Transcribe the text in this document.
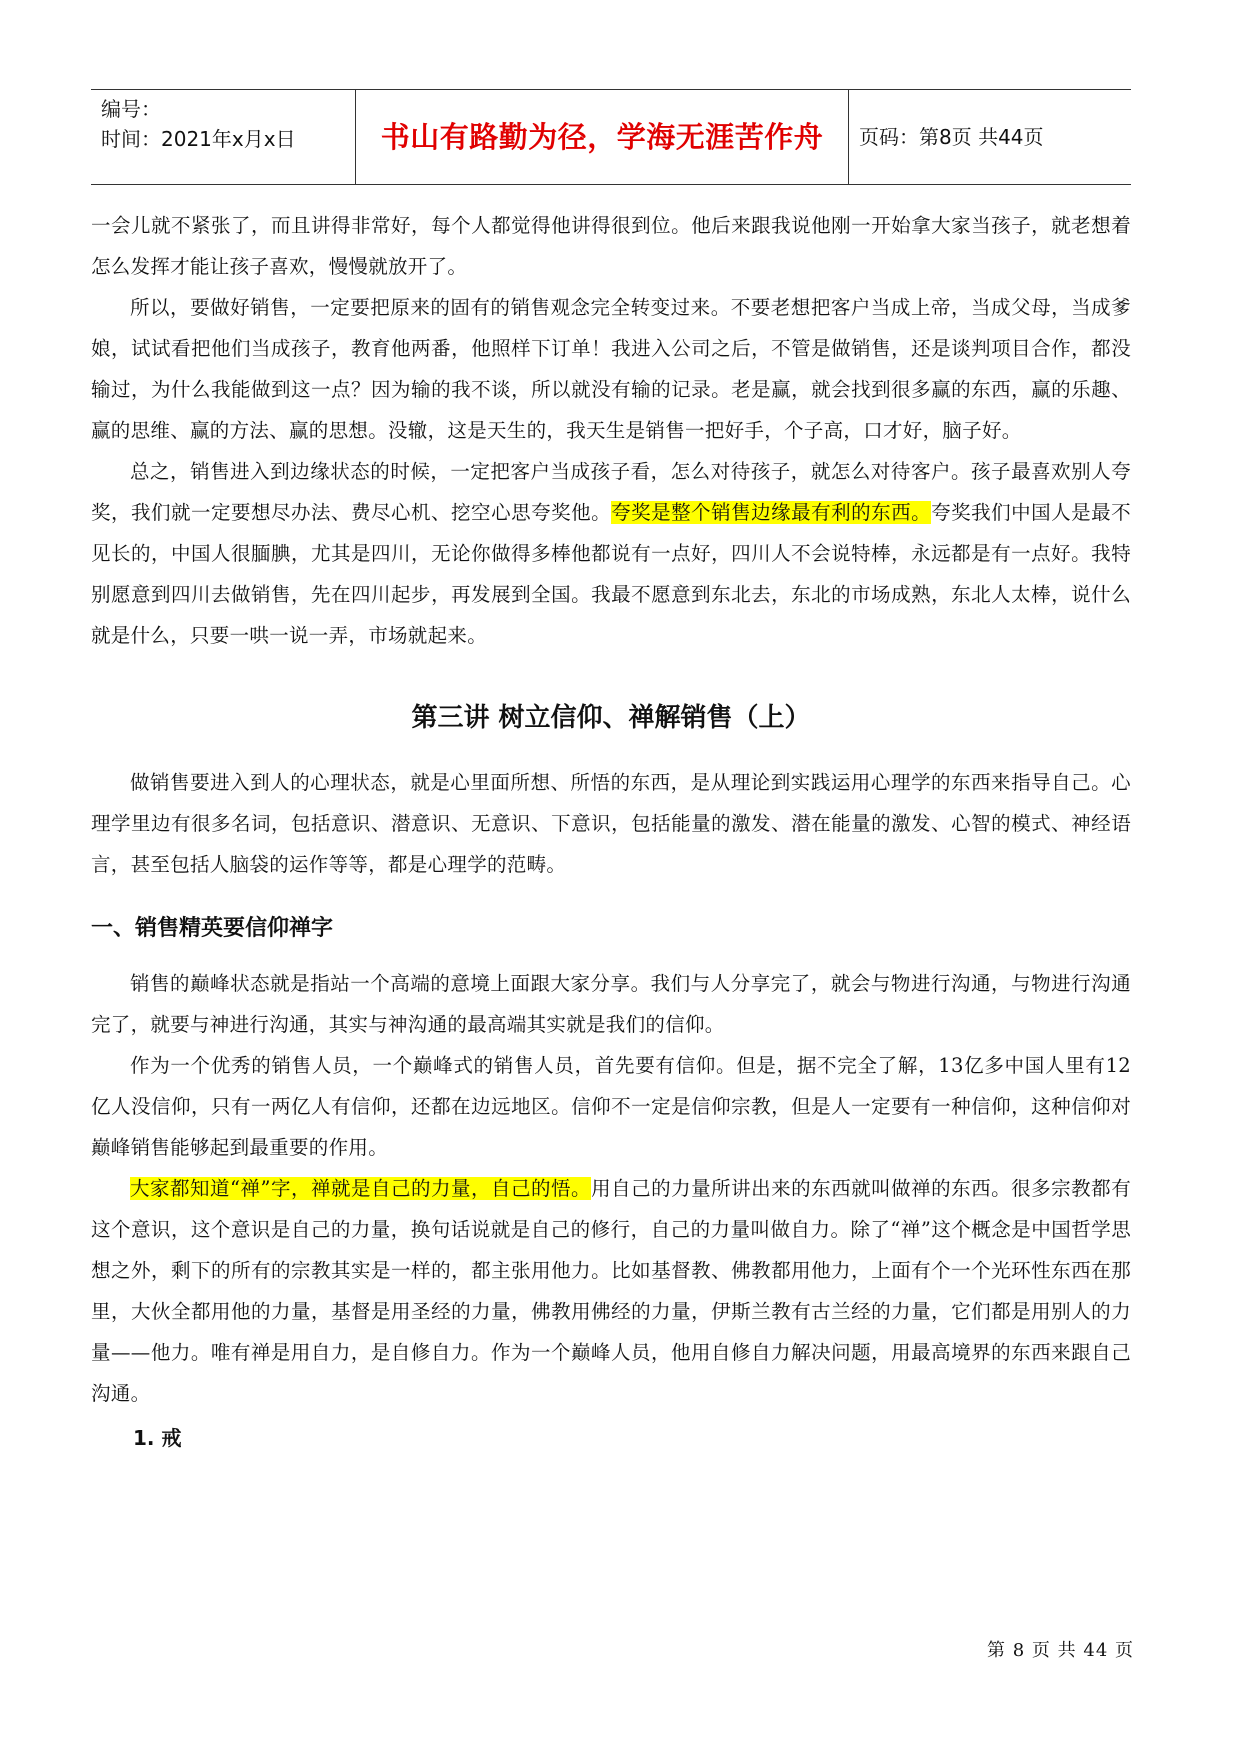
编号：
时间：2021年x月x日	书山有路勤为径，学海无涯苦作舟	页码：第8页 共44页

一会儿就不紧张了，而且讲得非常好，每个人都觉得他讲得很到位。他后来跟我说他刚一开始拿大家当孩子，就老想着怎么发挥才能让孩子喜欢，慢慢就放开了。

所以，要做好销售，一定要把原来的固有的销售观念完全转变过来。不要老想把客户当成上帝，当成父母，当成爹娘，试试看把他们当成孩子，教育他两番，他照样下订单！我进入公司之后，不管是做销售，还是谈判项目合作，都没输过，为什么我能做到这一点？因为输的我不谈，所以就没有输的记录。老是赢，就会找到很多赢的东西，赢的乐趣、赢的思维、赢的方法、赢的思想。没辙，这是天生的，我天生是销售一把好手，个子高，口才好，脑子好。

总之，销售进入到边缘状态的时候，一定把客户当成孩子看，怎么对待孩子，就怎么对待客户。孩子最喜欢别人夸奖，我们就一定要想尽办法、费尽心机、挖空心思夸奖他。夸奖是整个销售边缘最有利的东西。夸奖我们中国人是最不见长的，中国人很腼腆，尤其是四川，无论你做得多棒他都说有一点好，四川人不会说特棒，永远都是有一点好。我特别愿意到四川去做销售，先在四川起步，再发展到全国。我最不愿意到东北去，东北的市场成熟，东北人太棒，说什么就是什么，只要一哄一说一弄，市场就起来。

第三讲 树立信仰、禅解销售（上）

做销售要进入到人的心理状态，就是心里面所想、所悟的东西，是从理论到实践运用心理学的东西来指导自己。心理学里边有很多名词，包括意识、潜意识、无意识、下意识，包括能量的激发、潜在能量的激发、心智的模式、神经语言，甚至包括人脑袋的运作等等，都是心理学的范畴。

一、销售精英要信仰禅字

销售的巅峰状态就是指站一个高端的意境上面跟大家分享。我们与人分享完了，就会与物进行沟通，与物进行沟通完了，就要与神进行沟通，其实与神沟通的最高端其实就是我们的信仰。

作为一个优秀的销售人员，一个巅峰式的销售人员，首先要有信仰。但是，据不完全了解，13亿多中国人里有12亿人没信仰，只有一两亿人有信仰，还都在边远地区。信仰不一定是信仰宗教，但是人一定要有一种信仰，这种信仰对巅峰销售能够起到最重要的作用。

大家都知道“禅”字，禅就是自己的力量，自己的悟。用自己的力量所讲出来的东西就叫做禅的东西。很多宗教都有这个意识，这个意识是自己的力量，换句话说就是自己的修行，自己的力量叫做自力。除了“禅”这个概念是中国哲学思想之外，剩下的所有的宗教其实是一样的，都主张用他力。比如基督教、佛教都用他力，上面有个一个光环性东西在那里，大伙全都用他的力量，基督是用圣经的力量，佛教用佛经的力量，伊斯兰教有古兰经的力量，它们都是用别人的力量——他力。唯有禅是用自力，是自修自力。作为一个巅峰人员，他用自修自力解决问题，用最高境界的东西来跟自己沟通。

1. 戒
第 8 页 共 44 页
